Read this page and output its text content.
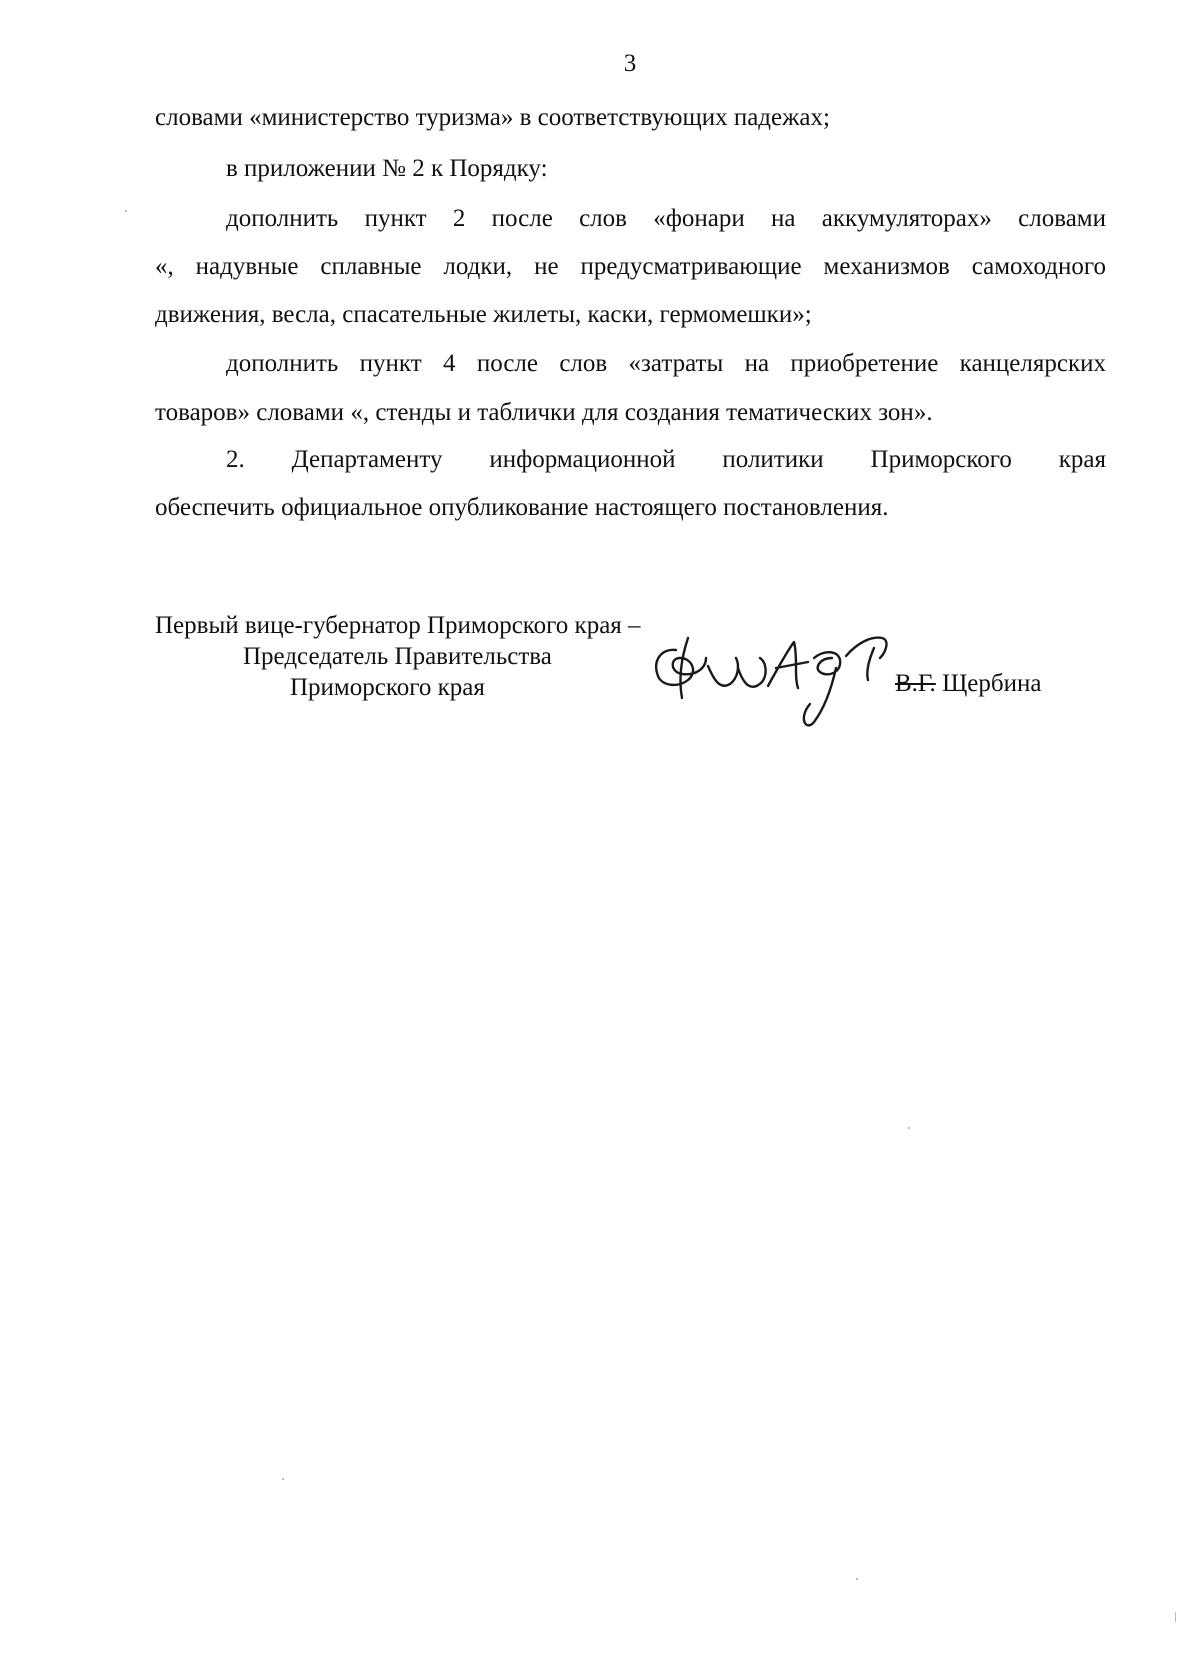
3
словами «министерство туризма» в соответствующих падежах;
в приложении № 2 к Порядку:
дополнить пункт 2 после слов «фонари на аккумуляторах» словами
«, надувные сплавные лодки, не предусматривающие механизмов самоходного
движения, весла, спасательные жилеты, каски, гермомешки»;
дополнить пункт 4 после слов «затраты на приобретение канцелярских
товаров» словами «, стенды и таблички для создания тематических зон».
2. Департаменту информационной политики Приморского края
обеспечить официальное опубликование настоящего постановления.
Первый вице-губернатор Приморского края –
Председатель Правительства
Приморского края	В.Г. Щербина
